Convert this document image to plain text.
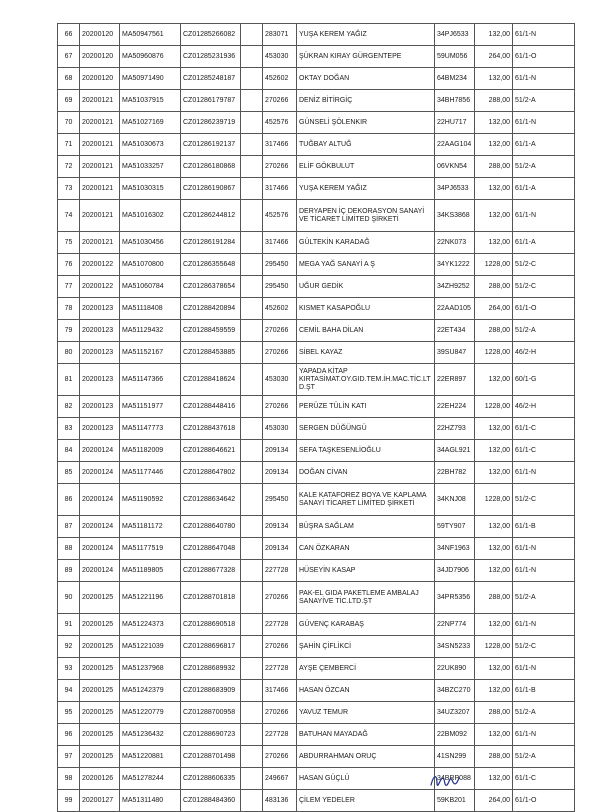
66	20200120	MA50947561	CZ01285266082		283071	YUŞA KEREM YAĞIZ	34PJ6533	132,00	61/1-N
67	20200120	MA50960876	CZ01285231936		453030	ŞÜKRAN KIRAY GÜRGENTEPE	59UM056	264,00	61/1-O
68	20200120	MA50971490	CZ01285248187		452602	OKTAY DOĞAN	64BM234	132,00	61/1-N
69	20200121	MA51037915	CZ01286179787		270266	DENİZ BİTİRGİÇ	34BH7856	288,00	51/2-A
70	20200121	MA51027169	CZ01286239719		452576	GÜNSELİ ŞÖLENKIR	22HU717	132,00	61/1-N
71	20200121	MA51030673	CZ01286192137		317466	TUĞBAY ALTUĞ	22AAG104	132,00	61/1-A
72	20200121	MA51033257	CZ01286180868		270266	ELİF GÖKBULUT	06VKN54	288,00	51/2-A
73	20200121	MA51030315	CZ01286190867		317466	YUŞA KEREM YAĞIZ	34PJ6533	132,00	61/1-A
74	20200121	MA51016302	CZ01286244812		452576	DERYAPEN İÇ DEKORASYON SANAYİ VE TİCARET LİMİTED ŞİRKETİ	34KS3868	132,00	61/1-N
75	20200121	MA51030456	CZ01286191284		317466	GÜLTEKİN KARADAĞ	22NK073	132,00	61/1-A
76	20200122	MA51070800	CZ01286355648		295450	MEGA YAĞ SANAYİ A Ş	34YK1222	1228,00	51/2-C
77	20200122	MA51060784	CZ01286378654		295450	UĞUR GEDİK	34ZH9252	288,00	51/2-C
78	20200123	MA51118408	CZ01288420894		452602	KISMET KASAPOĞLU	22AAD105	264,00	61/1-O
79	20200123	MA51129432	CZ01288459559		270266	CEMİL BAHA DİLAN	22ET434	288,00	51/2-A
80	20200123	MA51152167	CZ01288453885		270266	SİBEL KAYAZ	39SU847	1228,00	46/2-H
81	20200123	MA51147366	CZ01288418624		453030	YAPADA KİTAP KIRTASİMAT.OY.GID.TEM.İH.MAC.TİC.LTD.ŞT	22ER897	132,00	60/1-G
82	20200123	MA51151977	CZ01288448416		270266	PERÜZE TÜLİN KATI	22EH224	1228,00	46/2-H
83	20200123	MA51147773	CZ01288437618		453030	SERGEN DÜĞÜNGÜ	22HZ793	132,00	61/1-C
84	20200124	MA51182009	CZ01288646621		209134	SEFA TAŞKESENLİOĞLU	34AGL921	132,00	61/1-C
85	20200124	MA51177446	CZ01288647802		209134	DOĞAN CİVAN	22BH782	132,00	61/1-N
86	20200124	MA51190592	CZ01288634642		295450	KALE KATAFOREZ BOYA VE KAPLAMA SANAYİ TİCARET LİMİTED ŞİRKETİ	34KNJ08	1228,00	51/2-C
87	20200124	MA51181172	CZ01288640780		209134	BÜŞRA SAĞLAM	59TY907	132,00	61/1-B
88	20200124	MA51177519	CZ01288647048		209134	CAN ÖZKARAN	34NF1963	132,00	61/1-N
89	20200124	MA51189805	CZ01288677328		227728	HÜSEYİN KASAP	34JD7906	132,00	61/1-N
90	20200125	MA51221196	CZ01288701818		270266	PAK-EL GIDA PAKETLEME AMBALAJ SANAYİVE TİC.LTD.ŞT	34PR5356	288,00	51/2-A
91	20200125	MA51224373	CZ01288690518		227728	GÜVENÇ KARABAŞ	22NP774	132,00	61/1-N
92	20200125	MA51221039	CZ01288696817		270266	ŞAHİN ÇİFLİKCİ	34SN5233	1228,00	51/2-C
93	20200125	MA51237968	CZ01288689932		227728	AYŞE ÇEMBERCİ	22UK890	132,00	61/1-N
94	20200125	MA51242379	CZ01288683909		317466	HASAN ÖZCAN	34BZC270	132,00	61/1-B
95	20200125	MA51220779	CZ01288700958		270266	YAVUZ TEMUR	34UZ3207	288,00	51/2-A
96	20200125	MA51236432	CZ01288690723		227728	BATUHAN MAYADAĞ	22BM092	132,00	61/1-N
97	20200125	MA51220881	CZ01288701498		270266	ABDURRAHMAN ORUÇ	41SN299	288,00	51/2-A
98	20200126	MA51278244	CZ01288606335		249667	HASAN GÜÇLÜ	34BRP088	132,00	61/1-C
99	20200127	MA51311480	CZ01288484360		483136	ÇİLEM YEDELER	59KB201	264,00	61/1-O
